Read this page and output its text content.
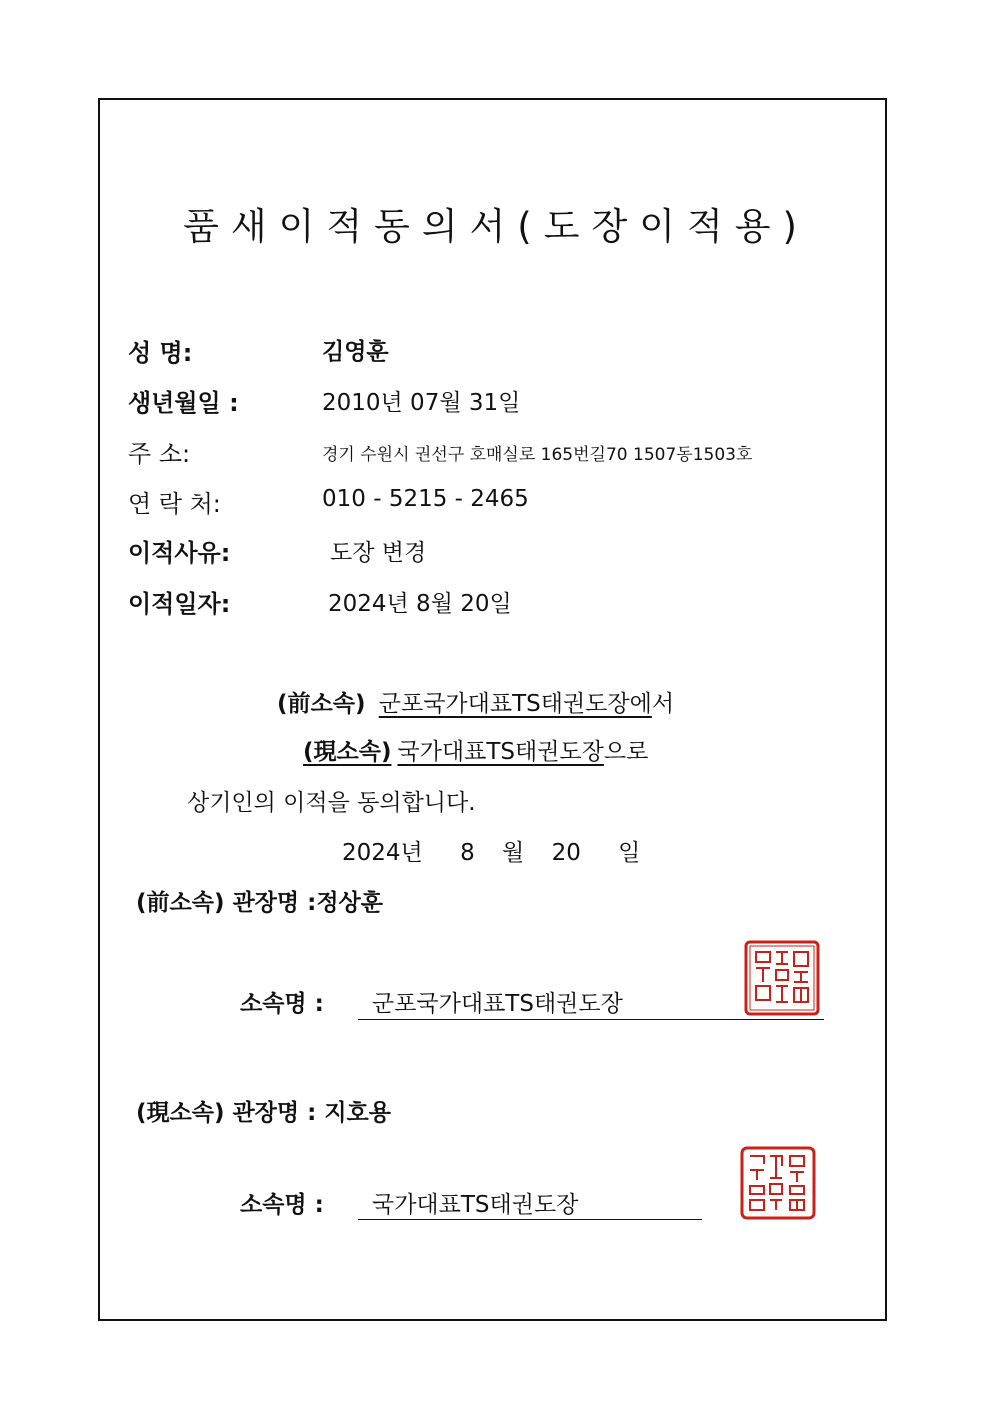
품새이적동의서(도장이적용)
성 명:	김영훈
생년월일 :	2010년 07월 31일
주 소:	경기 수원시 권선구 호매실로 165번길70 1507동1503호
연 락 처:	010 - 5215 - 2465
이적사유:	도장 변경
이적일자:	2024년 8월 20일
(前소속) 군포국가대표TS태권도장에서
(現소속) 국가대표TS태권도장으로
상기인의 이적을 동의합니다.
2024년 8 월 20 일
(前소속) 관장명 :정상훈
소속명 : 군포국가대표TS태권도장
(現소속) 관장명 : 지호용
소속명 : 국가대표TS태권도장
